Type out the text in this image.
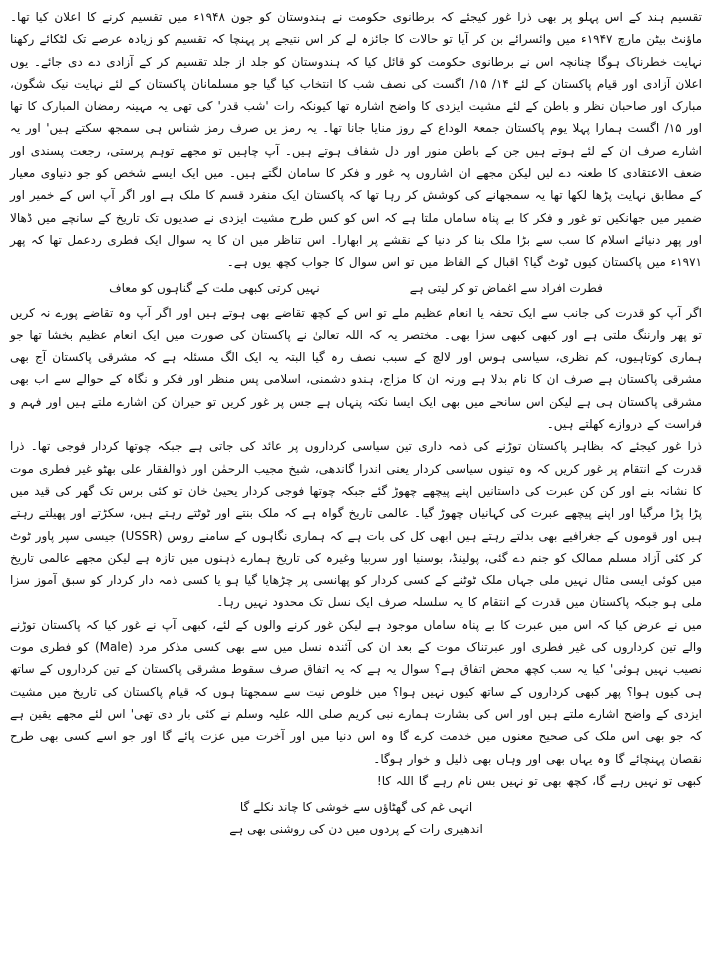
تقسیم ہند کے اس پہلو پر بھی ذرا غور کیجئے کہ برطانوی حکومت نے ہندوستان کو جون ۱۹۴۸ء میں تقسیم کرنے کا اعلان کیا تھا۔ ماؤنٹ بیٹن مارچ ۱۹۴۷ء میں وائسرائے بن کر آیا تو حالات کا جائزہ لے کر اس نتیجے پر پہنچا کہ تقسیم کو زیادہ عرصے تک لٹکائے رکھنا نہایت خطرناک ہوگا چنانچہ اس نے برطانوی حکومت کو قائل کیا کہ ہندوستان کو جلد از جلد تقسیم کر کے آزادی دے دی جائے۔ یوں اعلان آزادی اور قیام پاکستان کے لئے ۱۴/ ۱۵/ اگست کی نصف شب کا انتخاب کیا گیا جو مسلمانان پاکستان کے لئے نہایت نیک شگون، مبارک اور صاحبان نظر و باطن کے لئے مشیت ایزدی کا واضح اشارہ تھا کیونکہ رات 'شب قدر' کی تھی یہ مہینہ رمضان المبارک کا تھا اور ۱۵/ اگست ہمارا پہلا یوم پاکستان جمعۃ الوداع کے روز منایا جانا تھا۔ یہ رمز یں صرف رمز شناس ہی سمجھ سکتے ہیں' اور یہ اشارے صرف ان کے لئے ہوتے ہیں جن کے باطن منور اور دل شفاف ہوتے ہیں۔ آپ چاہیں تو مجھے توہم پرستی، رجعت پسندی اور ضعف الاعتقادی کا طعنہ دے لیں لیکن مجھے ان اشاروں پہ غور و فکر کا سامان لگتے ہیں۔ میں ایک ایسے شخص کو جو دنیاوی معیار کے مطابق نہایت پڑھا لکھا تھا یہ سمجھانے کی کوشش کر رہا تھا کہ پاکستان ایک منفرد قسم کا ملک ہے اور اگر آپ اس کے خمیر اور ضمیر میں جھانکیں تو غور و فکر کا بے پناہ ساماں ملتا ہے کہ اس کو کس طرح مشیت ایزدی نے صدیوں تک تاریخ کے سانچے میں ڈھالا اور پھر دنیائے اسلام کا سب سے بڑا ملک بنا کر دنیا کے نقشے پر ابھارا۔ اس تناظر میں ان کا یہ سوال ایک فطری ردعمل تھا کہ پھر ۱۹۷۱ء میں پاکستان کیوں ٹوٹ گیا؟ اقبال کے الفاظ میں تو اس سوال کا جواب کچھ یوں ہے۔

فطرت افراد سے اغماض تو کر لیتی ہے
نہیں کرتی کبھی ملت کے گناہوں کو معاف

اگر آپ کو قدرت کی جانب سے ایک تحفہ یا انعام عظیم ملے تو اس کے کچھ تقاضے بھی ہوتے ہیں اور اگر آپ وہ تقاضے پورے نہ کریں تو پھر وارننگ ملتی ہے اور کبھی کبھی سزا بھی۔ مختصر یہ کہ اللہ تعالیٰ نے پاکستان کی صورت میں ایک انعام عظیم بخشا تھا جو ہماری کوتاہیوں، کم نظری، سیاسی ہوس اور لالچ کے سبب نصف رہ گیا البتہ یہ ایک الگ مسئلہ ہے کہ مشرقی پاکستان آج بھی مشرقی پاکستان ہے صرف ان کا نام بدلا ہے ورنہ ان کا مزاج، ہندو دشمنی، اسلامی پس منظر اور فکر و نگاہ کے حوالے سے اب بھی مشرقی پاکستان ہی ہے لیکن اس سانحے میں بھی ایک ایسا نکتہ پنہاں ہے جس پر غور کریں تو حیران کن اشارے ملتے ہیں اور فہم و فراست کے دروازے کھلتے ہیں۔

ذرا غور کیجئے کہ بظاہر پاکستان توڑنے کی ذمہ داری تین سیاسی کرداروں پر عائد کی جاتی ہے جبکہ چوتھا کردار فوجی تھا۔ ذرا قدرت کے انتقام پر غور کریں کہ وہ تینوں سیاسی کردار یعنی اندرا گاندھی، شیخ مجیب الرحمٰن اور ذوالفقار علی بھٹو غیر فطری موت کا نشانہ بنے اور کن کن عبرت کی داستانیں اپنے پیچھے چھوڑ گئے جبکہ چوتھا فوجی کردار یحییٰ خان تو کئی برس تک گھر کی قید میں پڑا پڑا مرگیا اور اپنے پیچھے عبرت کی کہانیاں چھوڑ گیا۔ عالمی تاریخ گواہ ہے کہ ملک بنتے اور ٹوٹتے رہتے ہیں، سکڑتے اور پھیلتے رہتے ہیں اور قوموں کے جغرافیے بھی بدلتے رہتے ہیں ابھی کل کی بات ہے کہ ہماری نگاہوں کے سامنے روس (USSR) جیسی سپر پاور ٹوٹ کر کئی آزاد مسلم ممالک کو جنم دے گئی، پولینڈ، بوسنیا اور سربیا وغیرہ کی تاریخ ہمارے ذہنوں میں تازہ ہے لیکن مجھے عالمی تاریخ میں کوئی ایسی مثال نہیں ملی جہاں ملک ٹوٹنے کے کسی کردار کو پھانسی پر چڑھایا گیا ہو یا کسی ذمہ دار کردار کو سبق آموز سزا ملی ہو جبکہ پاکستان میں قدرت کے انتقام کا یہ سلسلہ صرف ایک نسل تک محدود نہیں رہا۔

میں نے عرض کیا کہ اس میں عبرت کا بے پناہ ساماں موجود ہے لیکن غور کرنے والوں کے لئے، کبھی آپ نے غور کیا کہ پاکستان توڑنے والے تین کرداروں کی غیر فطری اور عبرتناک موت کے بعد ان کی آئندہ نسل میں سے بھی کسی مذکر مرد (Male) کو فطری موت نصیب نہیں ہوئی' کیا یہ سب کچھ محض اتفاق ہے؟ سوال یہ ہے کہ یہ اتفاق صرف سقوط مشرقی پاکستان کے تین کرداروں کے ساتھ ہی کیوں ہوا؟ پھر کبھی کرداروں کے ساتھ کیوں نہیں ہوا؟ میں خلوص نیت سے سمجھتا ہوں کہ قیام پاکستان کی تاریخ میں مشیت ایزدی کے واضح اشارے ملتے ہیں اور اس کی بشارت ہمارے نبی کریم صلی اللہ علیہ وسلم نے کئی بار دی تھی' اس لئے مجھے یقین ہے کہ جو بھی اس ملک کی صحیح معنوں میں خدمت کرے گا وہ اس دنیا میں اور آخرت میں عزت پائے گا اور جو اسے کسی بھی طرح نقصان پہنچائے گا وہ یہاں بھی اور وہاں بھی ذلیل و خوار ہوگا۔

کبھی تو نہیں رہے گا، کچھ بھی تو نہیں بس نام رہے گا اللہ کا!

انہی غم کی گھٹاؤں سے خوشی کا چاند نکلے گا

اندھیری رات کے پردوں میں دن کی روشنی بھی ہے
